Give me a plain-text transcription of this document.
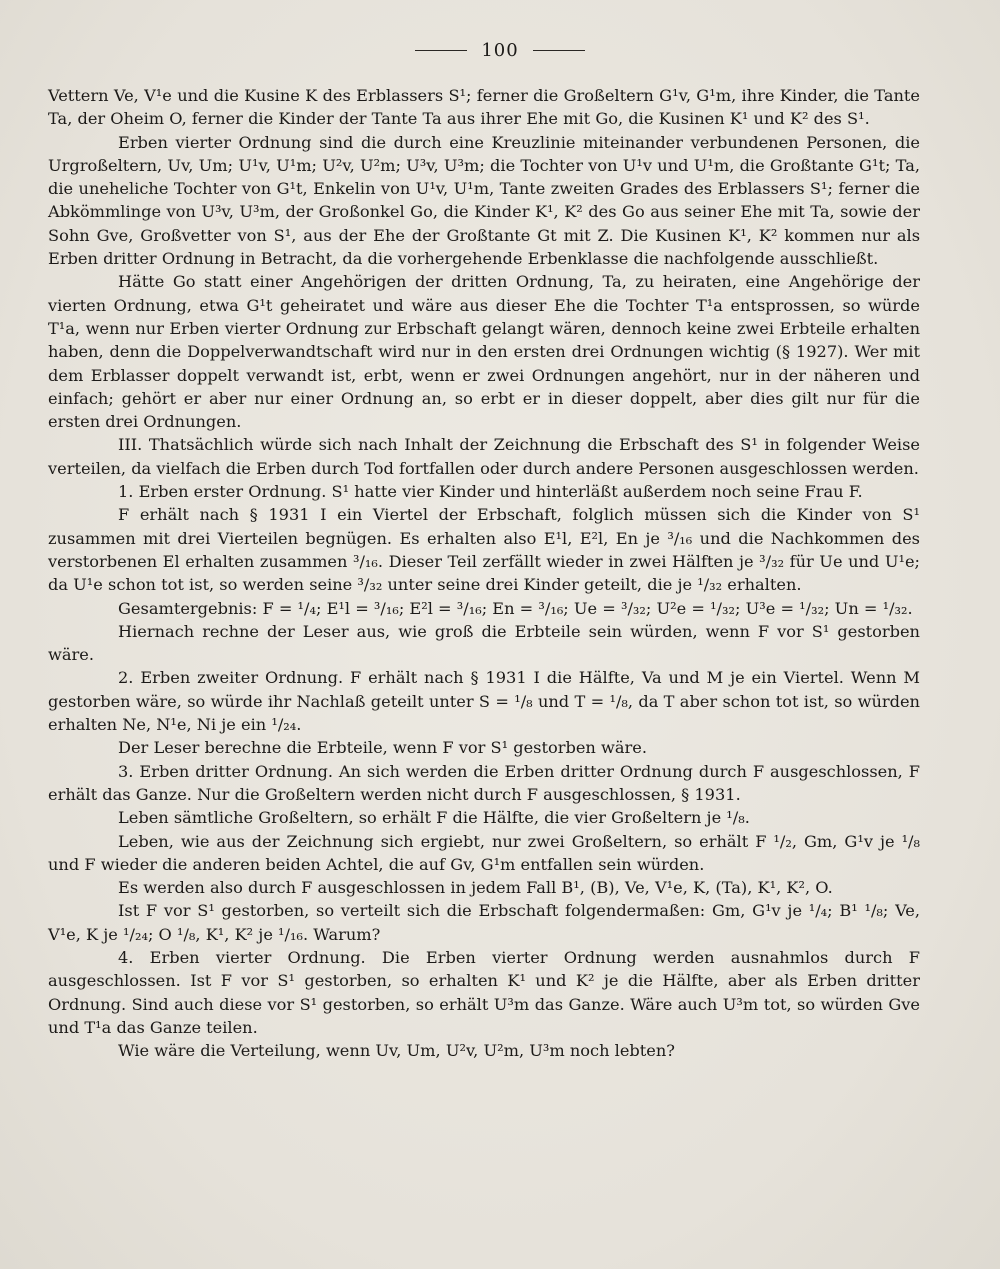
100

Vettern Ve, V¹e und die Kusine K des Erblassers S¹; ferner die Großeltern G¹v, G¹m, ihre Kinder, die Tante Ta, der Oheim O, ferner die Kinder der Tante Ta aus ihrer Ehe mit Go, die Kusinen K¹ und K² des S¹.

Erben vierter Ordnung sind die durch eine Kreuzlinie miteinander verbundenen Personen, die Urgroßeltern, Uv, Um; U¹v, U¹m; U²v, U²m; U³v, U³m; die Tochter von U¹v und U¹m, die Großtante G¹t; Ta, die uneheliche Tochter von G¹t, Enkelin von U¹v, U¹m, Tante zweiten Grades des Erblassers S¹; ferner die Abkömmlinge von U³v, U³m, der Großonkel Go, die Kinder K¹, K² des Go aus seiner Ehe mit Ta, sowie der Sohn Gve, Großvetter von S¹, aus der Ehe der Großtante Gt mit Z. Die Kusinen K¹, K² kommen nur als Erben dritter Ordnung in Betracht, da die vorhergehende Erbenklasse die nachfolgende ausschließt.

Hätte Go statt einer Angehörigen der dritten Ordnung, Ta, zu heiraten, eine Angehörige der vierten Ordnung, etwa G¹t geheiratet und wäre aus dieser Ehe die Tochter T¹a entsprossen, so würde T¹a, wenn nur Erben vierter Ordnung zur Erbschaft gelangt wären, dennoch keine zwei Erbteile erhalten haben, denn die Doppelverwandtschaft wird nur in den ersten drei Ordnungen wichtig (§ 1927). Wer mit dem Erblasser doppelt verwandt ist, erbt, wenn er zwei Ordnungen angehört, nur in der näheren und einfach; gehört er aber nur einer Ordnung an, so erbt er in dieser doppelt, aber dies gilt nur für die ersten drei Ordnungen.

III. Thatsächlich würde sich nach Inhalt der Zeichnung die Erbschaft des S¹ in folgender Weise verteilen, da vielfach die Erben durch Tod fortfallen oder durch andere Personen ausgeschlossen werden.

1. Erben erster Ordnung. S¹ hatte vier Kinder und hinterläßt außerdem noch seine Frau F.

F erhält nach § 1931 I ein Viertel der Erbschaft, folglich müssen sich die Kinder von S¹ zusammen mit drei Vierteilen begnügen. Es erhalten also E¹l, E²l, En je ³/₁₆ und die Nachkommen des verstorbenen El erhalten zusammen ³/₁₆. Dieser Teil zerfällt wieder in zwei Hälften je ³/₃₂ für Ue und U¹e; da U¹e schon tot ist, so werden seine ³/₃₂ unter seine drei Kinder geteilt, die je ¹/₃₂ erhalten.

Gesamtergebnis: F = ¹/₄; E¹l = ³/₁₆; E²l = ³/₁₆; En = ³/₁₆; Ue = ³/₃₂; U²e = ¹/₃₂; U³e = ¹/₃₂; Un = ¹/₃₂.

Hiernach rechne der Leser aus, wie groß die Erbteile sein würden, wenn F vor S¹ gestorben wäre.

2. Erben zweiter Ordnung. F erhält nach § 1931 I die Hälfte, Va und M je ein Viertel. Wenn M gestorben wäre, so würde ihr Nachlaß geteilt unter S = ¹/₈ und T = ¹/₈, da T aber schon tot ist, so würden erhalten Ne, N¹e, Ni je ein ¹/₂₄.

Der Leser berechne die Erbteile, wenn F vor S¹ gestorben wäre.

3. Erben dritter Ordnung. An sich werden die Erben dritter Ordnung durch F ausgeschlossen, F erhält das Ganze. Nur die Großeltern werden nicht durch F ausgeschlossen, § 1931.

Leben sämtliche Großeltern, so erhält F die Hälfte, die vier Großeltern je ¹/₈.

Leben, wie aus der Zeichnung sich ergiebt, nur zwei Großeltern, so erhält F ¹/₂, Gm, G¹v je ¹/₈ und F wieder die anderen beiden Achtel, die auf Gv, G¹m entfallen sein würden.

Es werden also durch F ausgeschlossen in jedem Fall B¹, (B), Ve, V¹e, K, (Ta), K¹, K², O.

Ist F vor S¹ gestorben, so verteilt sich die Erbschaft folgendermaßen: Gm, G¹v je ¹/₄; B¹ ¹/₈; Ve, V¹e, K je ¹/₂₄; O ¹/₈, K¹, K² je ¹/₁₆. Warum?

4. Erben vierter Ordnung. Die Erben vierter Ordnung werden ausnahmlos durch F ausgeschlossen. Ist F vor S¹ gestorben, so erhalten K¹ und K² je die Hälfte, aber als Erben dritter Ordnung. Sind auch diese vor S¹ gestorben, so erhält U³m das Ganze. Wäre auch U³m tot, so würden Gve und T¹a das Ganze teilen.

Wie wäre die Verteilung, wenn Uv, Um, U²v, U²m, U³m noch lebten?
